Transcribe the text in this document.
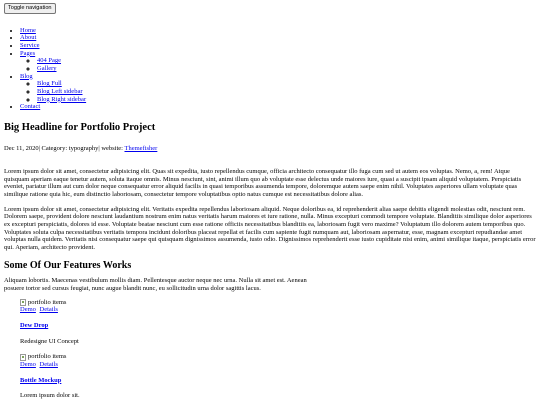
Toggle navigation
• Home
• About
• Service
• Pages
◦ 404 Page
◦ Gallery
• Blog
◦ Blog Full
◦ Blog Left sidebar
◦ Blog Right sidebar
• Contact
Big Headline for Portfolio Project
Dec 11, 2020| Category: typography| website: Themefisher

Lorem ipsum dolor sit amet, consectetur adipisicing elit. Quas sit expedita, iusto repellendus cumque, officia architecto consequatur illo fuga cum sed ut autem eos voluptas. Nemo, a, rem! Atque quisquam aperiam eaque tenetur autem, soluta itaque omnis. Minus nesciunt, sint, animi illum quo ab voluptate esse delectus unde maiores iure, quasi a suscipit ipsam aliquid voluptatem. Perspiciatis eveniet, pariatur illum aut cum dolor neque consequatur error aliquid facilis in quasi temporibus assumenda tempore, doloremque autem saepe enim nihil. Voluptates asperiores ullam voluptate quas similique ratione quia hic, eum distinctio laboriosam, consectetur tempore voluptatibus optio natus cumque est necessitatibus dolore alias.

Lorem ipsum dolor sit amet, consectetur adipisicing elit. Veritatis expedita repellendus laboriosam aliquid. Neque doloribus ea, id reprehenderit alias saepe debitis eligendi molestias odit, nesciunt rem. Dolorem saepe, provident dolore nesciunt laudantium nostrum enim natus veritatis harum maiores et iure ratione, nulla. Minus excepturi commodi tempore voluptate. Blanditiis similique dolor asperiores ex excepturi perspiciatis, dolores id esse. Voluptate beatae nesciunt cum esse ratione officiis necessitatibus blanditiis ea, laboriosam fugit vero maxime? Voluptatum illo dolorem autem temporibus quo. Voluptates soluta culpa necessitatibus veritatis tempora incidunt doloribus placeat repellat et facilis cum sapiente fugit numquam aut, laboriosam aspernatur, esse, magnam excepturi repudiandae amet voluptas nulla quidem. Veritatis nisi consequatur saepe qui quisquam dignissimos assumenda, iusto odio. Dignissimos reprehenderit esse iusto cupiditate nisi enim, animi similique itaque, perspiciatis error qui. Aperiam, architecto provident.

Some Of Our Features Works

Aliquam lobortis. Maecenas vestibulum mollis diam. Pellentesque auctor neque nec urna. Nulla sit amet est. Aenean posuere tortor sed cursus feugiat, nunc augue blandit nunc, eu sollicitudin urna dolor sagittis lacus.

portfolio items
Demo Details
Dew Drop

Redesigne UI Concept

portfolio items
Demo Details
Bottle Mockup

Lorem ipsum dolor sit.
